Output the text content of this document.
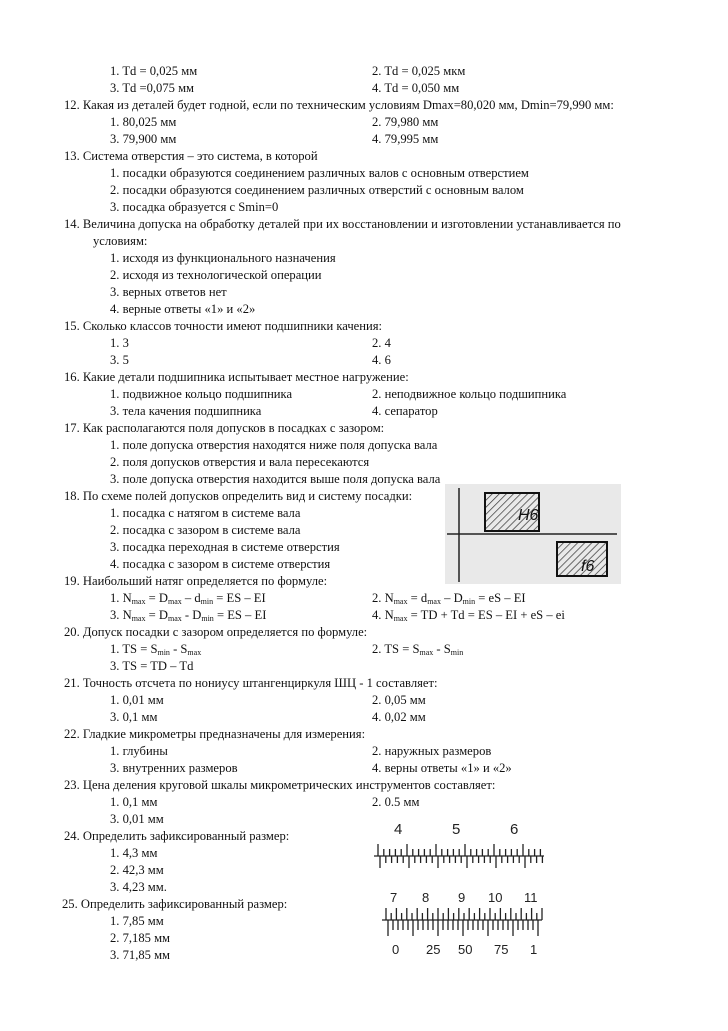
1. Td = 0,025 мм	2. Td = 0,025 мкм
3. Td =0,075 мм	4. Td = 0,050 мм
12. Какая из деталей будет годной, если по техническим условиям Dmax=80,020 мм, Dmin=79,990 мм:
1. 80,025 мм	2. 79,980 мм
3. 79,900 мм	4. 79,995 мм
13. Система отверстия – это система, в которой
1. посадки образуются соединением различных валов с основным отверстием
2. посадки образуются соединением различных отверстий с основным валом
3. посадка образуется с Smin=0
14. Величина допуска на обработку деталей при их восстановлении и изготовлении устанавливается по
условиям:
1. исходя из функционального назначения
2. исходя из технологической операции
3. верных ответов нет
4. верные ответы «1» и «2»
15. Сколько классов точности имеют подшипники качения:
1. 3	2. 4
3. 5	4. 6
16. Какие детали подшипника испытывает местное нагружение:
1. подвижное кольцо подшипника	2. неподвижное кольцо подшипника
3. тела качения подшипника	4. сепаратор
17. Как располагаются поля допусков в посадках с зазором:
1. поле допуска отверстия находятся ниже поля допуска вала
2. поля допусков отверстия и вала пересекаются
3. поле допуска отверстия находится выше поля допуска вала
18. По схеме полей допусков определить вид и систему посадки:
1. посадка с натягом в системе вала
2. посадка с зазором в системе вала
3. посадка переходная в системе отверстия
4. посадка с зазором в системе отверстия
H6
f6
19. Наибольший натяг определяется по формуле:
1. $N_{max} = D_{max} - d_{min}$ = ES – EI	2. $N_{max} = d_{max} - D_{min}$ = eS – EI
3. $N_{max} = D_{max} - D_{min}$ = ES – EI	4. $N_{max}$ = TD + Td = ES – EI + eS – ei
20. Допуск посадки с зазором определяется по формуле:
1. TS = $S_{min} - S_{max}$	2. TS = $S_{max} - S_{min}$
3. TS = TD – Td
21. Точность отсчета по нониусу штангенциркуля ШЦ - 1 составляет:
1. 0,01 мм	2. 0,05 мм
3. 0,1 мм	4. 0,02 мм
22. Гладкие микрометры предназначены для измерения:
1. глубины	2. наружных размеров
3. внутренних размеров	4. верны ответы «1» и «2»
23. Цена деления круговой шкалы микрометрических инструментов составляет:
1. 0,1 мм	2. 0.5 мм
3. 0,01 мм
24. Определить зафиксированный размер:
1. 4,3 мм
2. 42,3 мм
3. 4,23 мм.
4	5	6
25. Определить зафиксированный размер:
1. 7,85 мм
2. 7,185 мм
3. 71,85 мм
7 8 9 10 11
0 25 50 75 1
